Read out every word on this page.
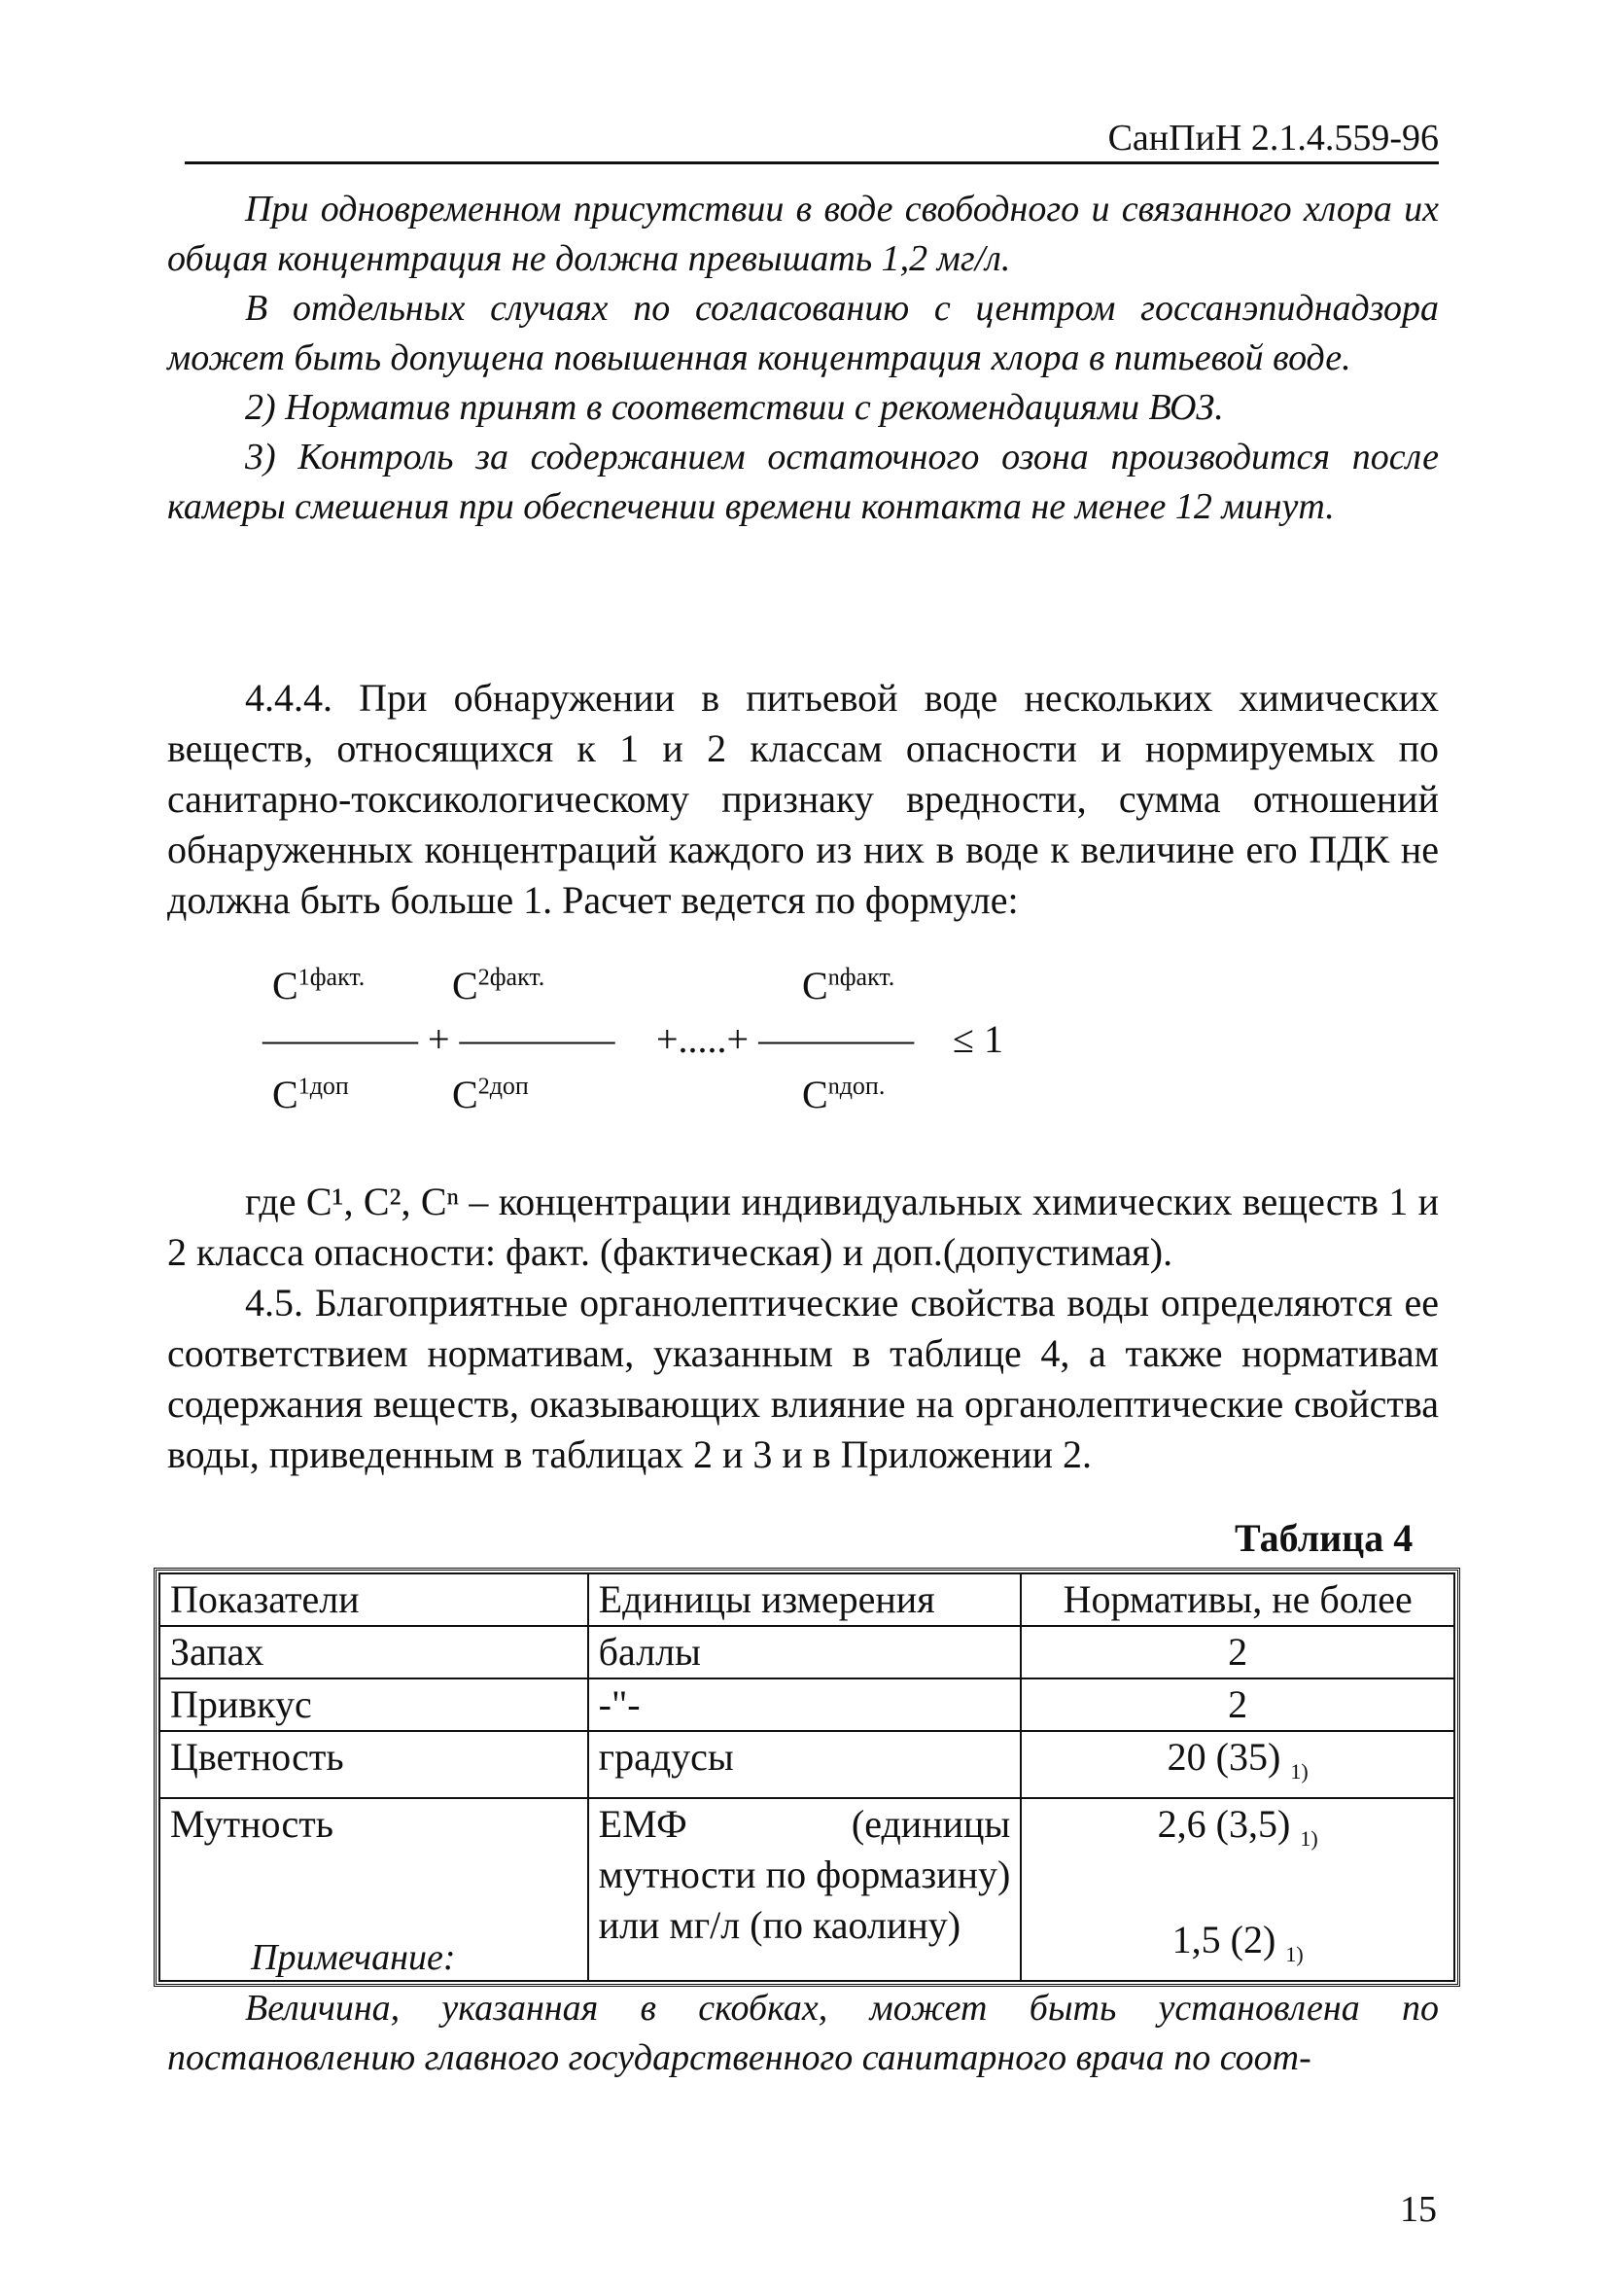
СанПиН 2.1.4.559-96
При одновременном присутствии в воде свободного и связанного хлора их общая концентрация не должна превышать 1,2 мг/л.
В отдельных случаях по согласованию с центром госсанэпиднадзора может быть допущена повышенная концентрация хлора в питьевой воде.
2) Норматив принят в соответствии с рекомендациями ВОЗ.
3) Контроль за содержанием остаточного озона производится после камеры смешения при обеспечении времени контакта не менее 12 минут.
4.4.4. При обнаружении в питьевой воде нескольких химических веществ, относящихся к 1 и 2 классам опасности и нормируемых по санитарно-токсикологическому признаку вредности, сумма отношений обнаруженных концентраций каждого из них в воде к величине его ПДК не должна быть больше 1. Расчет ведется по формуле:
$C^1$ факт. $C^2$ факт.	$C^n$ факт.
———— + ———— +.....+ ———— ≤ 1
$C^1$ доп	$C^2$ доп	$C^n$ доп.
где C¹, C², Cⁿ – концентрации индивидуальных химических веществ 1 и 2 класса опасности: факт. (фактическая) и доп.(допустимая).
4.5. Благоприятные органолептические свойства воды определяются ее соответствием нормативам, указанным в таблице 4, а также нормативам содержания веществ, оказывающих влияние на органолептические свойства воды, приведенным в таблицах 2 и 3 и в Приложении 2.
Таблица 4
Показатели	Единицы измерения	Нормативы, не более
Запах	баллы	2
Привкус	-"-	2
Цветность	градусы	20 (35) $_{1)}$
Мутность	ЕМФ (единицы мутности по формазину) или мг/л (по каолину)	2,6 (3,5) $_{1)}$
1,5 (2) $_{1)}$
Примечание:
Величина, указанная в скобках, может быть установлена по постановлению главного государственного санитарного врача по соот-
15
